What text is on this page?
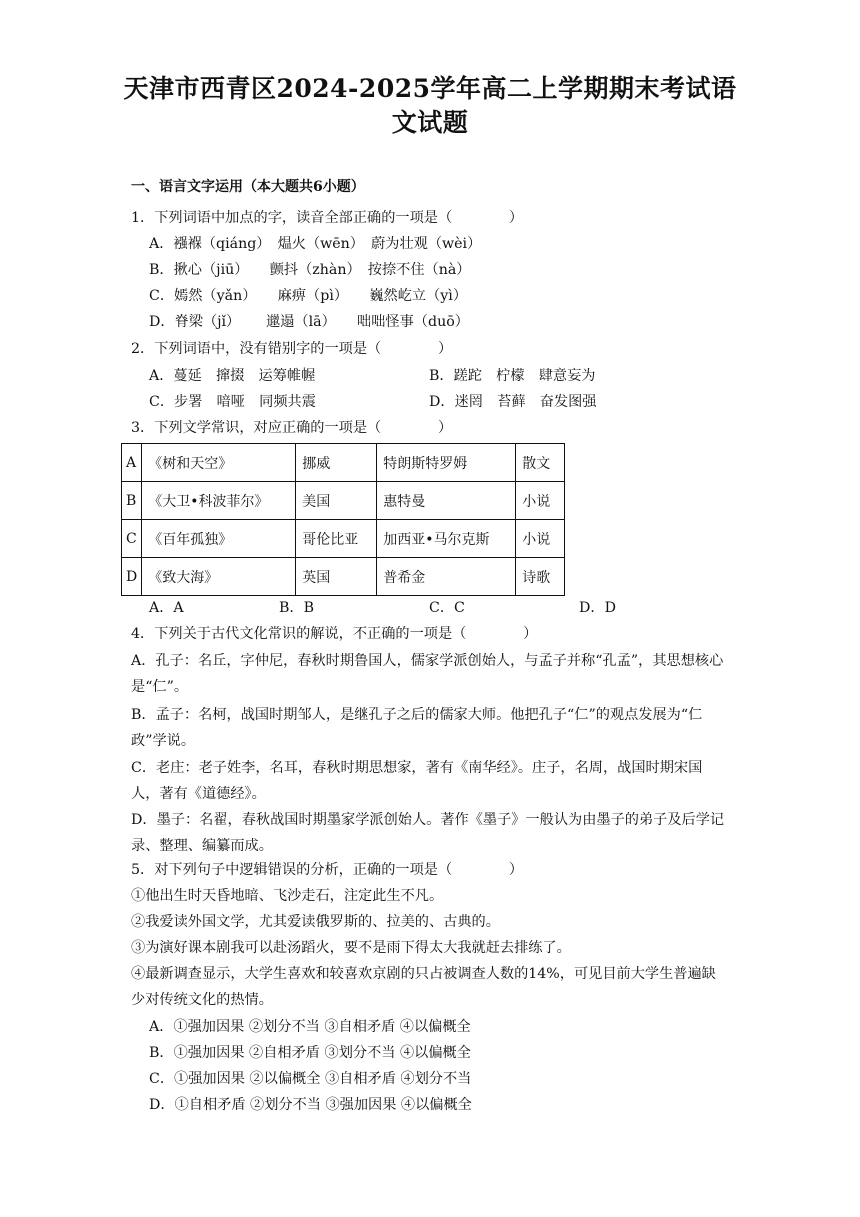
天津市西青区2024-2025学年高二上学期期末考试语文试题
一、语言文字运用（本大题共6小题）
1．下列词语中加点的字，读音全部正确的一项是（　　　　）
A．襁褓（qiáng）　煴火（wēn）　蔚为壮观（wèi）
B．揪心（jiū）　　颤抖（zhàn）　按捺不住（nà）
C．嫣然（yǎn）　　麻痹（pì）　　巍然屹立（yì）
D．脊梁（jǐ）　　 邋遢（lā）　　咄咄怪事（duō）
2．下列词语中，没有错别字的一项是（　　　　）
A．蔓延　撺掇　运筹帷幄	B．蹉跎　柠檬　肆意妄为
C．步署　喑哑　同频共震	D．迷罔　苔藓　奋发图强
3．下列文学常识，对应正确的一项是（　　　　）
A	《树和天空》	挪威	特朗斯特罗姆	散文
B	《大卫•科波菲尔》	美国	惠特曼	小说
C	《百年孤独》	哥伦比亚	加西亚•马尔克斯	小说
D	《致大海》	英国	普希金	诗歌
A．A	B．B	C．C	D．D
4．下列关于古代文化常识的解说，不正确的一项是（　　　　）
A．孔子：名丘，字仲尼，春秋时期鲁国人，儒家学派创始人，与孟子并称“孔孟”，其思想核心是“仁”。
B．孟子：名柯，战国时期邹人，是继孔子之后的儒家大师。他把孔子“仁”的观点发展为“仁政”学说。
C．老庄：老子姓李，名耳，春秋时期思想家，著有《南华经》。庄子，名周，战国时期宋国人，著有《道德经》。
D．墨子：名翟，春秋战国时期墨家学派创始人。著作《墨子》一般认为由墨子的弟子及后学记录、整理、编纂而成。
5．对下列句子中逻辑错误的分析，正确的一项是（　　　　）
①他出生时天昏地暗、飞沙走石，注定此生不凡。
②我爱读外国文学，尤其爱读俄罗斯的、拉美的、古典的。
③为演好课本剧我可以赴汤蹈火，要不是雨下得太大我就赶去排练了。
④最新调查显示，大学生喜欢和较喜欢京剧的只占被调查人数的14%，可见目前大学生普遍缺少对传统文化的热情。
A．①强加因果 ②划分不当 ③自相矛盾 ④以偏概全
B．①强加因果 ②自相矛盾 ③划分不当 ④以偏概全
C．①强加因果 ②以偏概全 ③自相矛盾 ④划分不当
D．①自相矛盾 ②划分不当 ③强加因果 ④以偏概全
